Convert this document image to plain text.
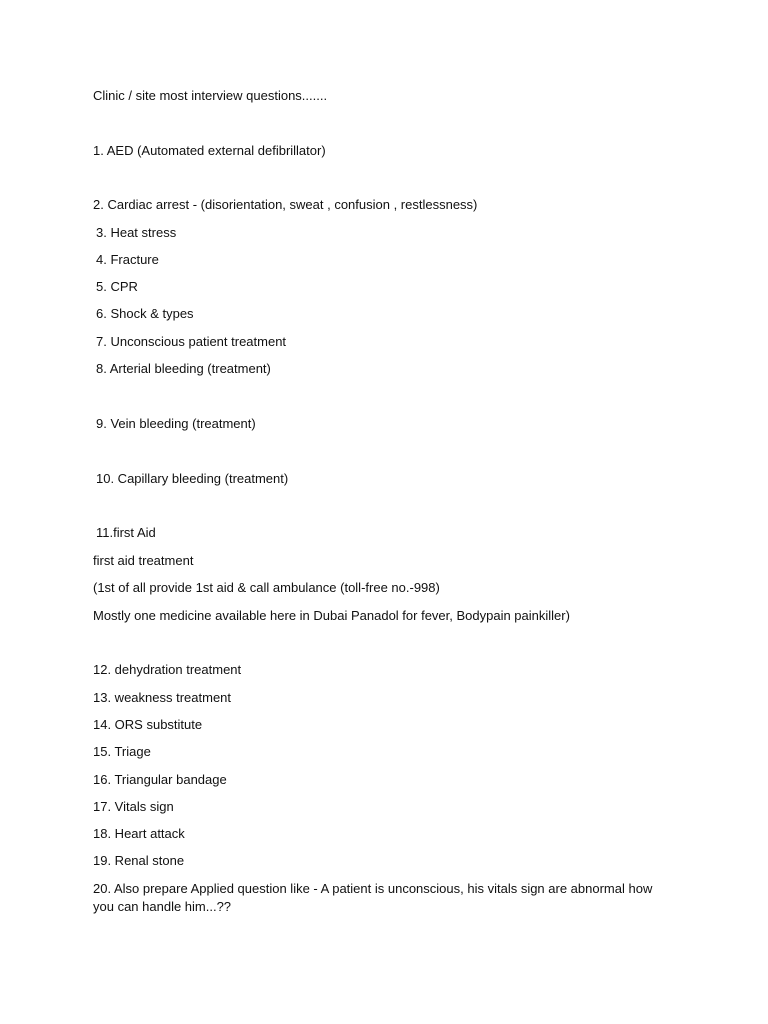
Clinic / site most interview questions.......
1. AED (Automated external defibrillator)
2. Cardiac arrest - (disorientation, sweat , confusion , restlessness)
3. Heat stress
4. Fracture
5. CPR
6. Shock & types
7. Unconscious patient treatment
8. Arterial bleeding (treatment)
9. Vein bleeding (treatment)
10. Capillary bleeding (treatment)
11.first Aid
first aid treatment
(1st of all provide 1st aid & call ambulance (toll-free no.-998)
Mostly one medicine available here in Dubai Panadol for fever, Bodypain painkiller)
12. dehydration treatment
13. weakness treatment
14. ORS substitute
15. Triage
16. Triangular bandage
17. Vitals sign
18. Heart attack
19. Renal stone
20. Also prepare Applied question like - A patient is unconscious, his vitals sign are abnormal how you can handle him...??
